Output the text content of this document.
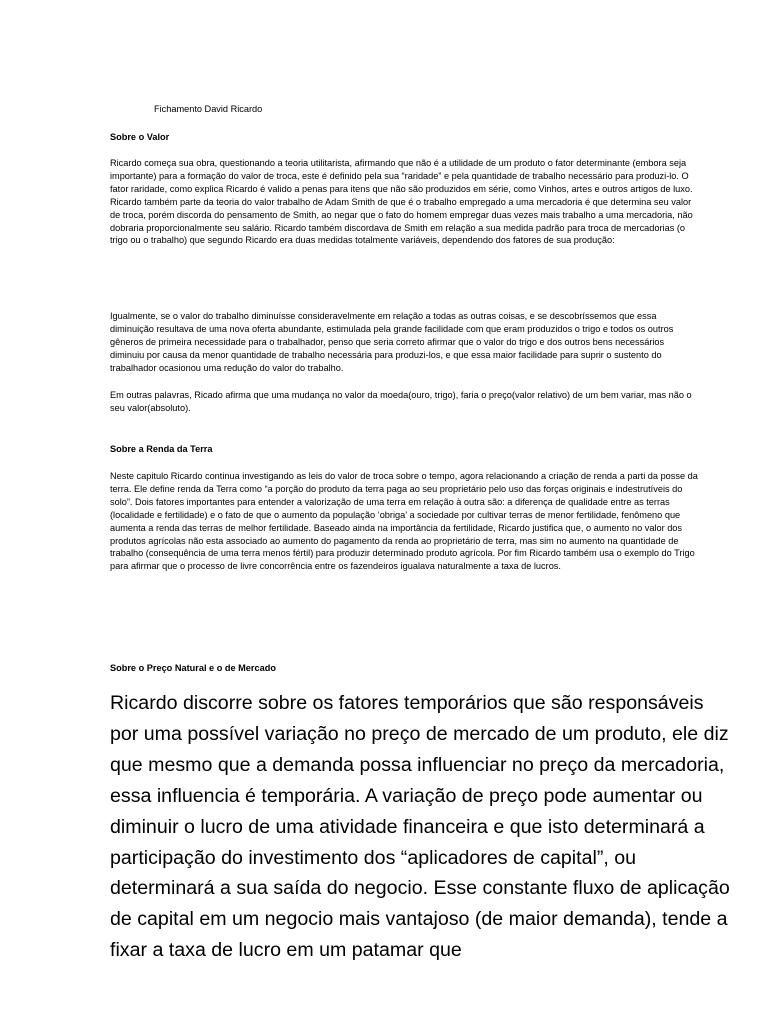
Fichamento David Ricardo
Sobre o Valor

Ricardo começa sua obra, questionando a teoria utilitarista, afirmando que não é a utilidade de um produto o fator determinante (embora seja importante) para a formação do valor de troca, este é definido pela sua “raridade” e pela quantidade de trabalho necessário para produzi-lo. O fator raridade, como explica Ricardo é valido a penas para itens que não são produzidos em série, como Vinhos, artes e outros artigos de luxo. Ricardo também parte da teoria do valor trabalho de Adam Smith de que é o trabalho empregado a uma mercadoria é que determina seu valor de troca, porém discorda do pensamento de Smith, ao negar que o fato do homem empregar duas vezes mais trabalho a uma mercadoria, não dobraria proporcionalmente seu salário. Ricardo também discordava de Smith em relação a sua medida padrão para troca de mercadorias (o trigo ou o trabalho) que segundo Ricardo era duas medidas totalmente variáveis, dependendo dos fatores de sua produção:

Igualmente, se o valor do trabalho diminuísse consideravelmente em relação a todas as outras coisas, e se descobríssemos que essa diminuição resultava de uma nova oferta abundante, estimulada pela grande facilidade com que eram produzidos o trigo e todos os outros gêneros de primeira necessidade para o trabalhador, penso que seria correto afirmar que o valor do trigo e dos outros bens necessários diminuiu por causa da menor quantidade de trabalho necessária para produzi-los, e que essa maior facilidade para suprir o sustento do trabalhador ocasionou uma redução do valor do trabalho.

Em outras palavras, Ricado afirma que uma mudança no valor da moeda(ouro, trigo), faria o preço(valor relativo) de um bem variar, mas não o seu valor(absoluto).

Sobre a Renda da Terra

Neste capitulo Ricardo continua investigando as leis do valor de troca sobre o tempo, agora relacionando a criação de renda a parti da posse da terra. Ele define renda da Terra como “a porção do produto da terra paga ao seu proprietário pelo uso das forças originais e indestrutíveis do solo”. Dois fatores importantes para entender a valorização de uma terra em relação à outra são: a diferença de qualidade entre as terras (localidade e fertilidade) e o fato de que o aumento da população ‘obriga’ a sociedade por cultivar terras de menor fertilidade, fenômeno que aumenta a renda das terras de melhor fertilidade. Baseado ainda na importância da fertilidade, Ricardo justifica que, o aumento no valor dos produtos agrícolas não esta associado ao aumento do pagamento da renda ao proprietário de terra, mas sim no aumento na quantidade de trabalho (consequência de uma terra menos fértil) para produzir determinado produto agrícola. Por fim Ricardo também usa o exemplo do Trigo para afirmar que o processo de livre concorrência entre os fazendeiros igualava naturalmente a taxa de lucros.

Sobre o Preço Natural e o de Mercado

Ricardo discorre sobre os fatores temporários que são responsáveis por uma possível variação no preço de mercado de um produto, ele diz que mesmo que a demanda possa influenciar no preço da mercadoria, essa influencia é temporária. A variação de preço pode aumentar ou diminuir o lucro de uma atividade financeira e que isto determinará a participação do investimento dos “aplicadores de capital”, ou determinará a sua saída do negocio. Esse constante fluxo de aplicação de capital em um negocio mais vantajoso (de maior demanda), tende a fixar a taxa de lucro em um patamar que
